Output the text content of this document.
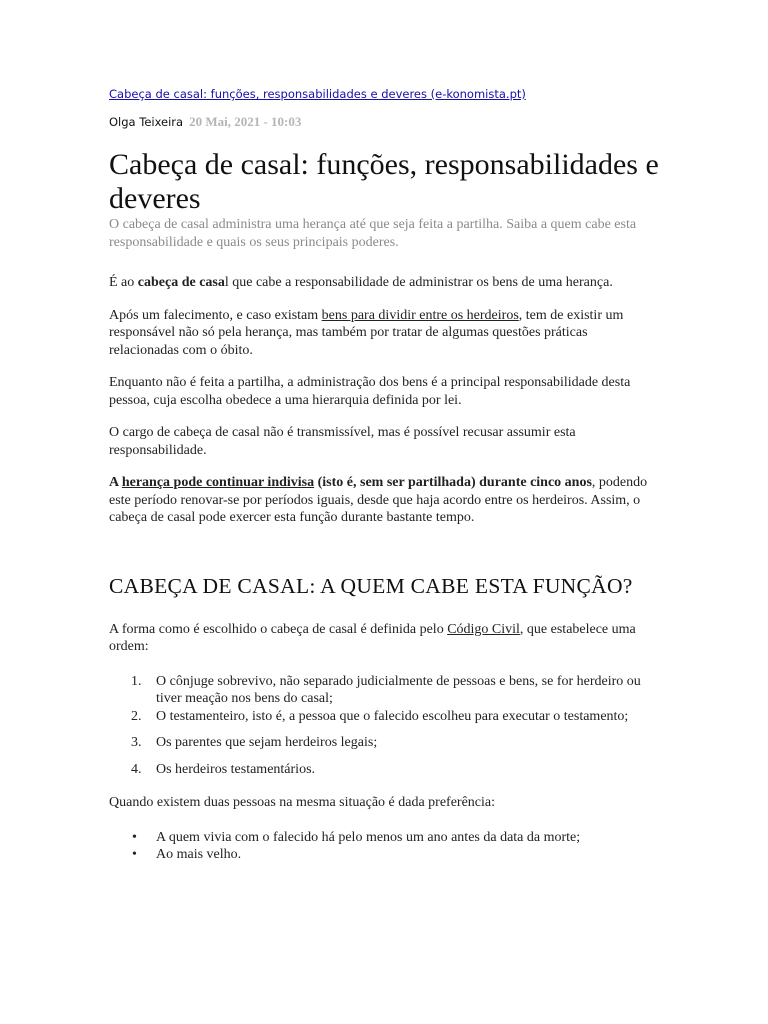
Cabeça de casal: funções, responsabilidades e deveres (e-konomista.pt)
Olga Teixeira 20 Mai, 2021 - 10:03
Cabeça de casal: funções, responsabilidades e deveres

O cabeça de casal administra uma herança até que seja feita a partilha. Saiba a quem cabe esta responsabilidade e quais os seus principais poderes.

É ao cabeça de casal que cabe a responsabilidade de administrar os bens de uma herança.

Após um falecimento, e caso existam bens para dividir entre os herdeiros, tem de existir um responsável não só pela herança, mas também por tratar de algumas questões práticas relacionadas com o óbito.

Enquanto não é feita a partilha, a administração dos bens é a principal responsabilidade desta pessoa, cuja escolha obedece a uma hierarquia definida por lei.

O cargo de cabeça de casal não é transmissível, mas é possível recusar assumir esta responsabilidade.

A herança pode continuar indivisa (isto é, sem ser partilhada) durante cinco anos, podendo este período renovar-se por períodos iguais, desde que haja acordo entre os herdeiros. Assim, o cabeça de casal pode exercer esta função durante bastante tempo.

CABEÇA DE CASAL: A QUEM CABE ESTA FUNÇÃO?

A forma como é escolhido o cabeça de casal é definida pelo Código Civil, que estabelece uma ordem:

1. O cônjuge sobrevivo, não separado judicialmente de pessoas e bens, se for herdeiro ou tiver meação nos bens do casal;
2. O testamenteiro, isto é, a pessoa que o falecido escolheu para executar o testamento;
3. Os parentes que sejam herdeiros legais;
4. Os herdeiros testamentários.

Quando existem duas pessoas na mesma situação é dada preferência:

• A quem vivia com o falecido há pelo menos um ano antes da data da morte;
• Ao mais velho.
